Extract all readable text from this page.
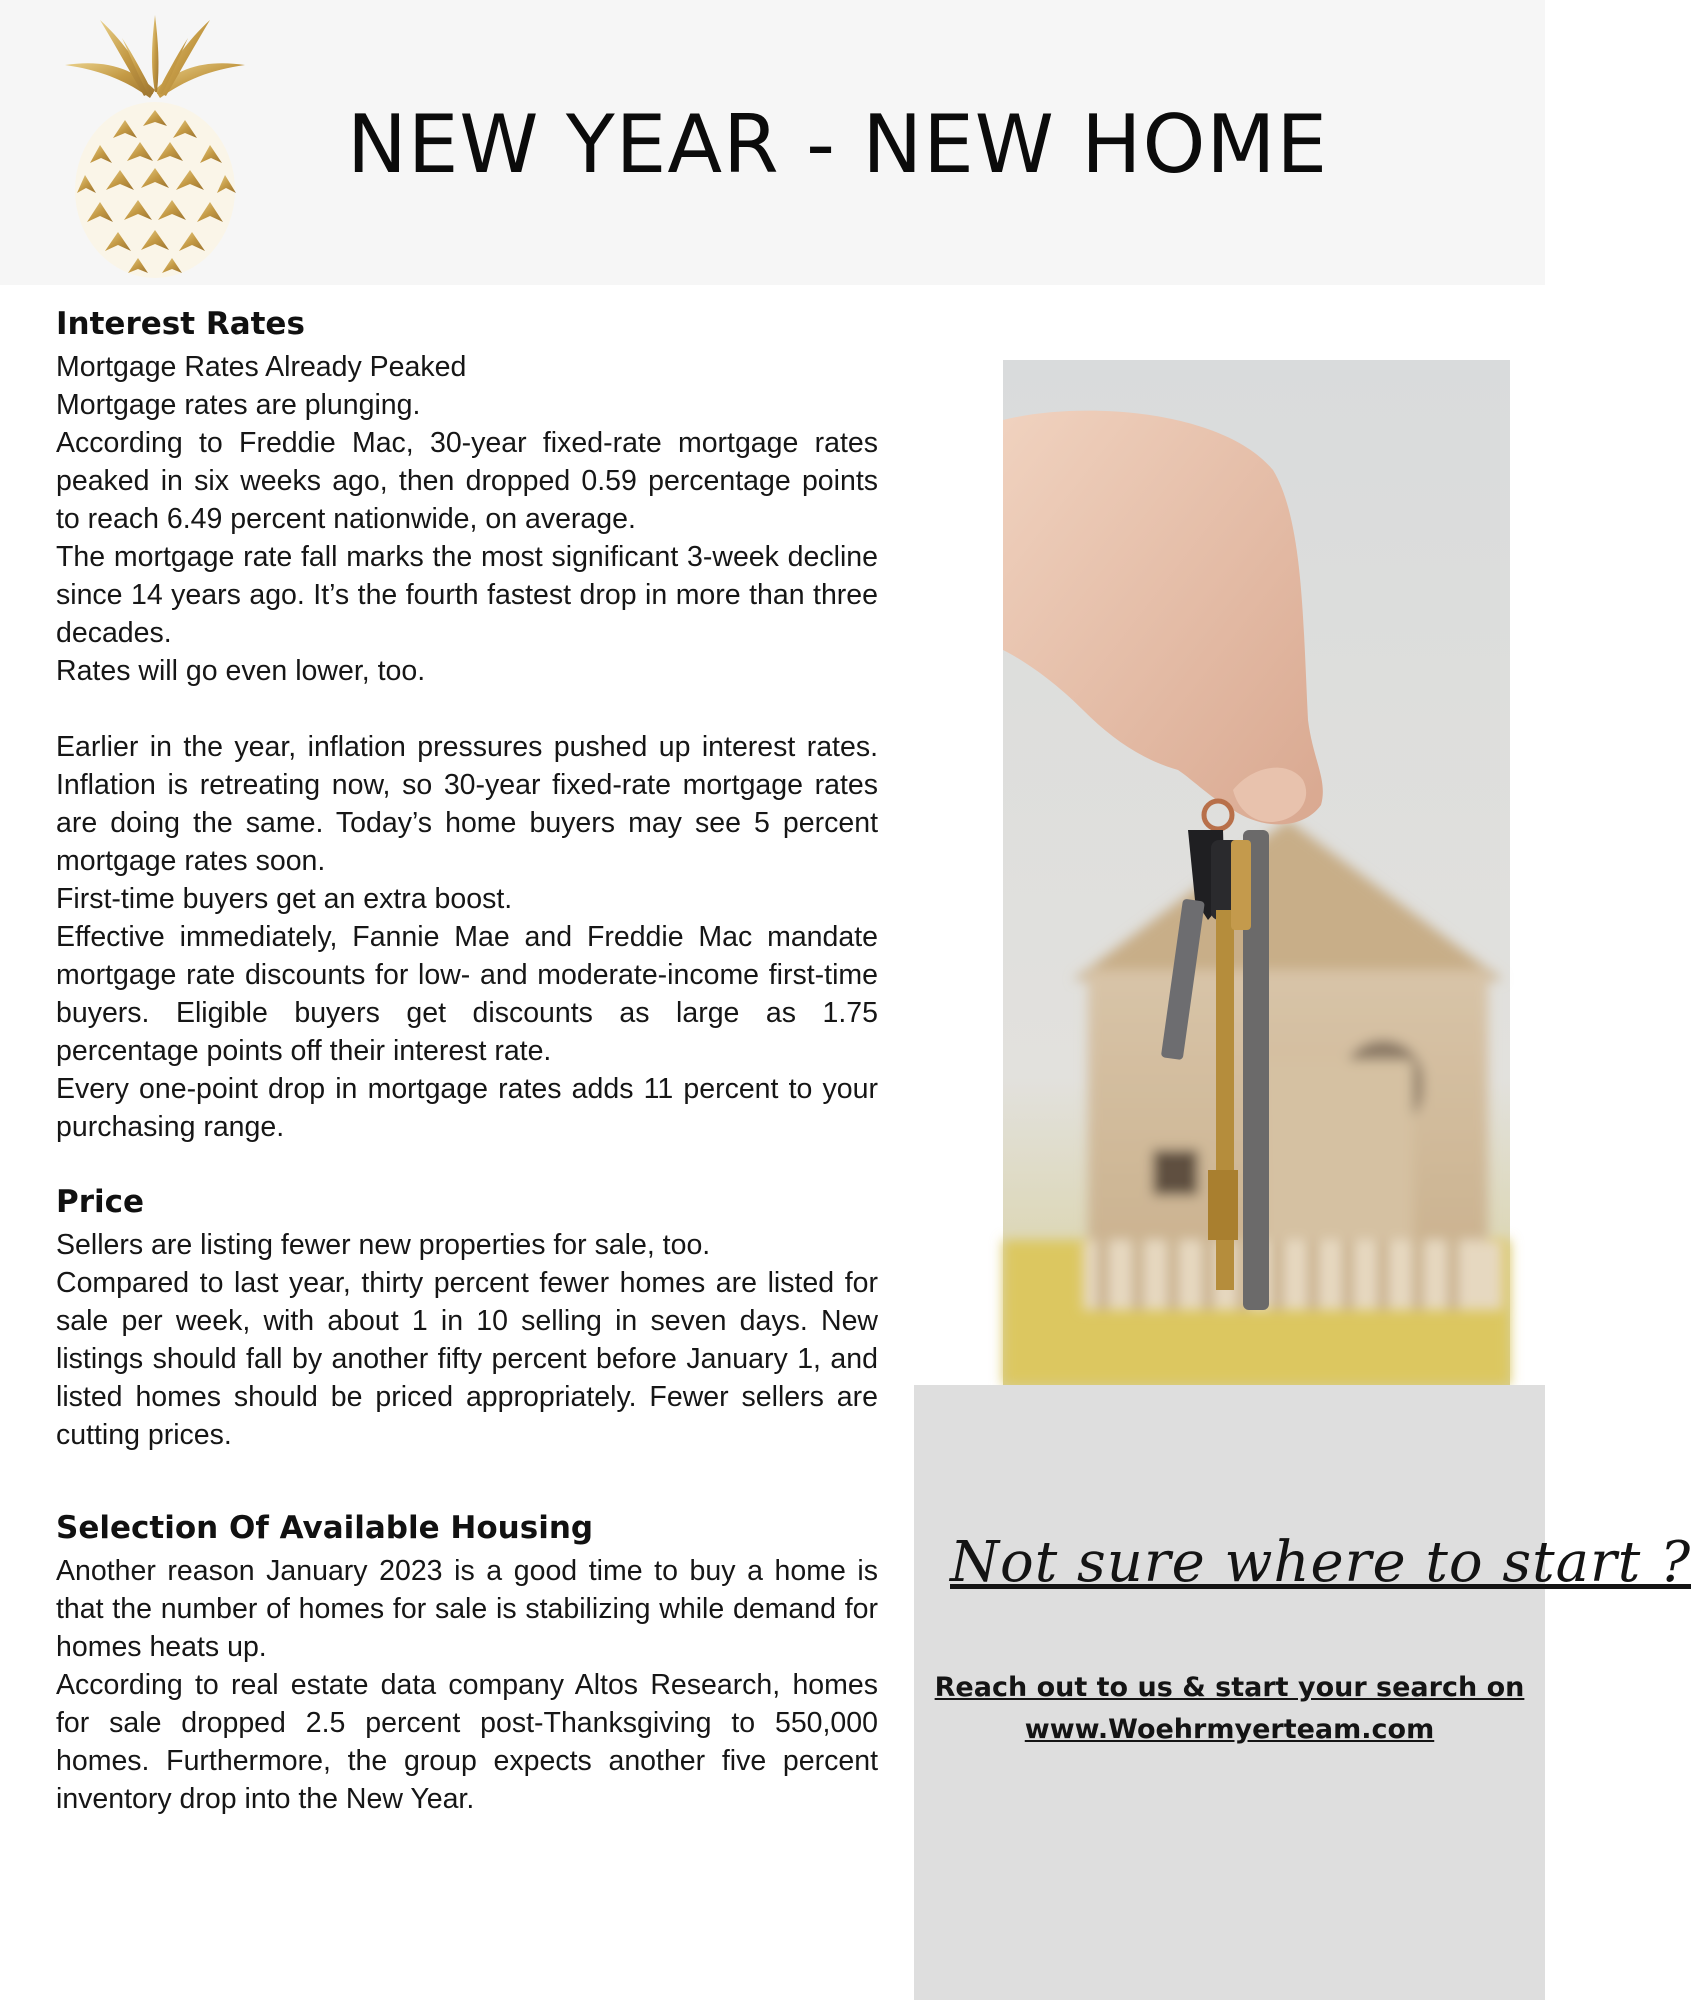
NEW YEAR - NEW HOME
Interest Rates

Mortgage Rates Already Peaked

Mortgage rates are plunging.

According to Freddie Mac, 30-year fixed-rate mortgage rates peaked in six weeks ago, then dropped 0.59 percentage points to reach 6.49 percent nationwide, on average.

The mortgage rate fall marks the most significant 3-week decline since 14 years ago. It’s the fourth fastest drop in more than three decades.

Rates will go even lower, too.

Earlier in the year, inflation pressures pushed up interest rates. Inflation is retreating now, so 30-year fixed-rate mortgage rates are doing the same. Today’s home buyers may see 5 percent mortgage rates soon.

First-time buyers get an extra boost.

Effective immediately, Fannie Mae and Freddie Mac mandate mortgage rate discounts for low- and moderate-income first-time buyers. Eligible buyers get discounts as large as 1.75 percentage points off their interest rate.

Every one-point drop in mortgage rates adds 11 percent to your purchasing range.

Price

Sellers are listing fewer new properties for sale, too.

Compared to last year, thirty percent fewer homes are listed for sale per week, with about 1 in 10 selling in seven days. New listings should fall by another fifty percent before January 1, and listed homes should be priced appropriately. Fewer sellers are cutting prices.

Selection Of Available Housing

Another reason January 2023 is a good time to buy a home is that the number of homes for sale is stabilizing while demand for homes heats up.

According to real estate data company Altos Research, homes for sale dropped 2.5 percent post-Thanksgiving to 550,000 homes. Furthermore, the group expects another five percent inventory drop into the New Year.

Not sure where to start ?
Reach out to us & start your search on
www.Woehrmyerteam.com
